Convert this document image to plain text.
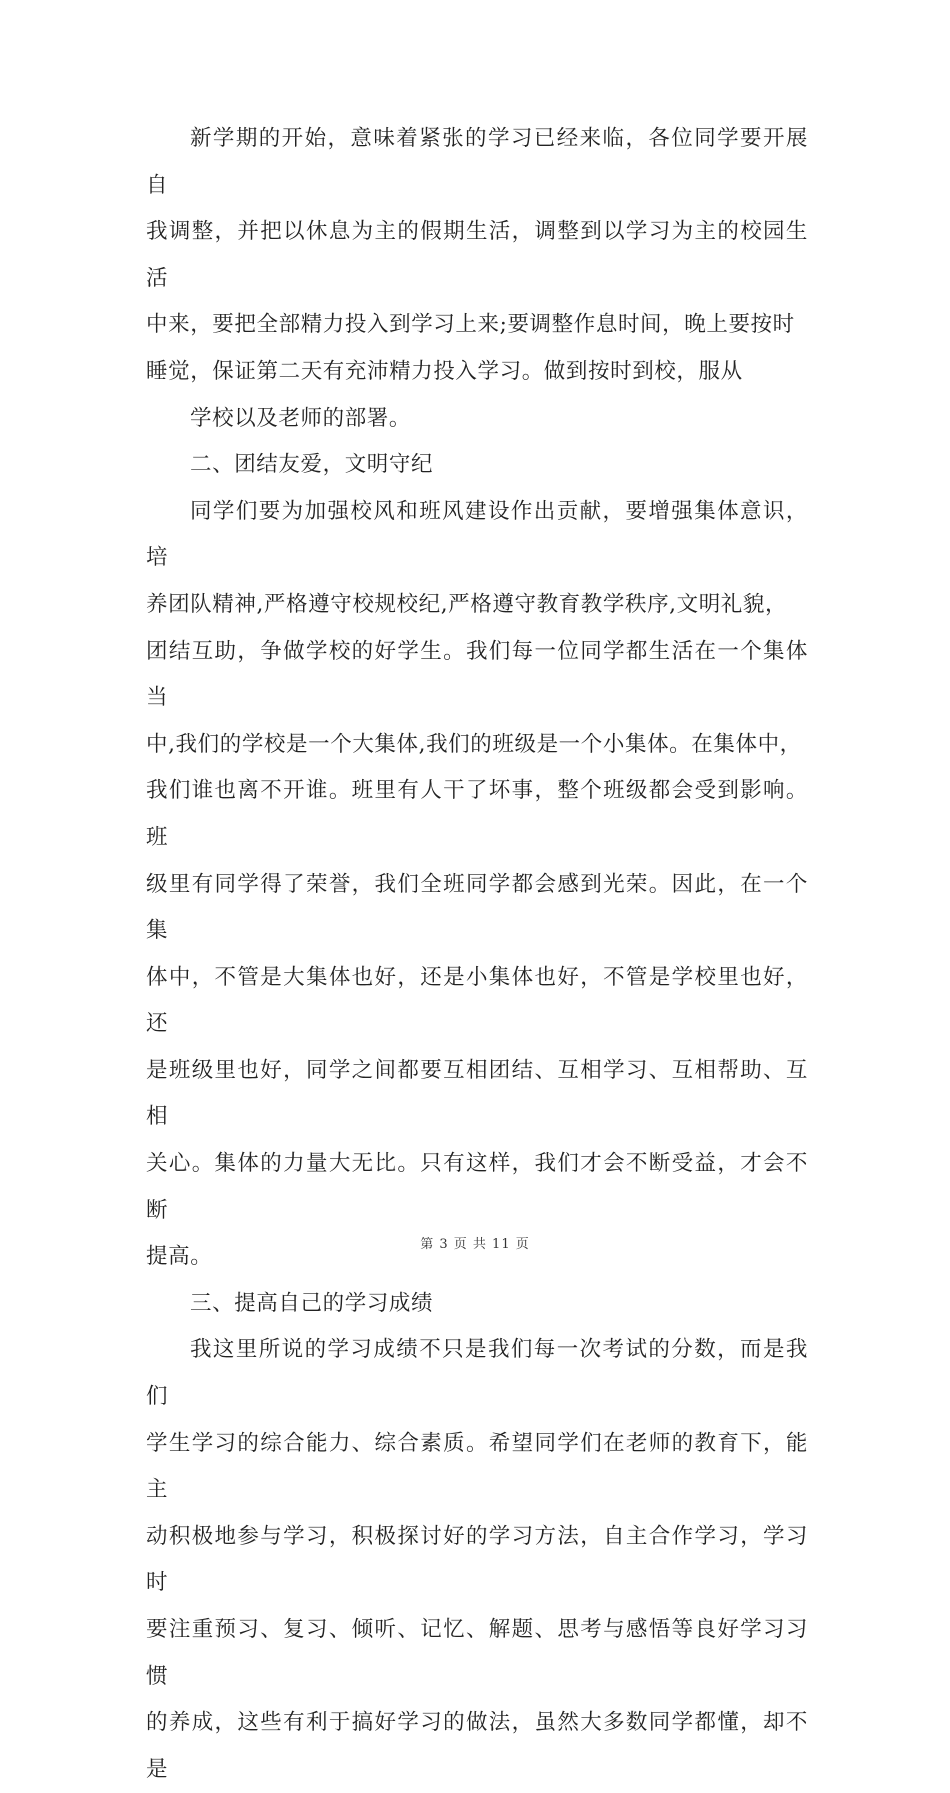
新学期的开始，意味着紧张的学习已经来临，各位同学要开展自
我调整，并把以休息为主的假期生活，调整到以学习为主的校园生活
中来，要把全部精力投入到学习上来;要调整作息时间，晚上要按时
睡觉，保证第二天有充沛精力投入学习。做到按时到校，服从

学校以及老师的部署。

二、团结友爱，文明守纪

同学们要为加强校风和班风建设作出贡献，要增强集体意识，培
养团队精神,严格遵守校规校纪,严格遵守教育教学秩序,文明礼貌，
团结互助，争做学校的好学生。我们每一位同学都生活在一个集体当
中,我们的学校是一个大集体,我们的班级是一个小集体。在集体中，
我们谁也离不开谁。班里有人干了坏事，整个班级都会受到影响。班
级里有同学得了荣誉，我们全班同学都会感到光荣。因此，在一个集
体中，不管是大集体也好，还是小集体也好，不管是学校里也好，还
是班级里也好，同学之间都要互相团结、互相学习、互相帮助、互相
关心。集体的力量大无比。只有这样，我们才会不断受益，才会不断
提高。

三、提高自己的学习成绩

我这里所说的学习成绩不只是我们每一次考试的分数，而是我们
学生学习的综合能力、综合素质。希望同学们在老师的教育下，能主
动积极地参与学习，积极探讨好的学习方法，自主合作学习，学习时
要注重预习、复习、倾听、记忆、解题、思考与感悟等良好学习习惯
的养成，这些有利于搞好学习的做法，虽然大多数同学都懂，却不是

第 3 页 共 11 页
